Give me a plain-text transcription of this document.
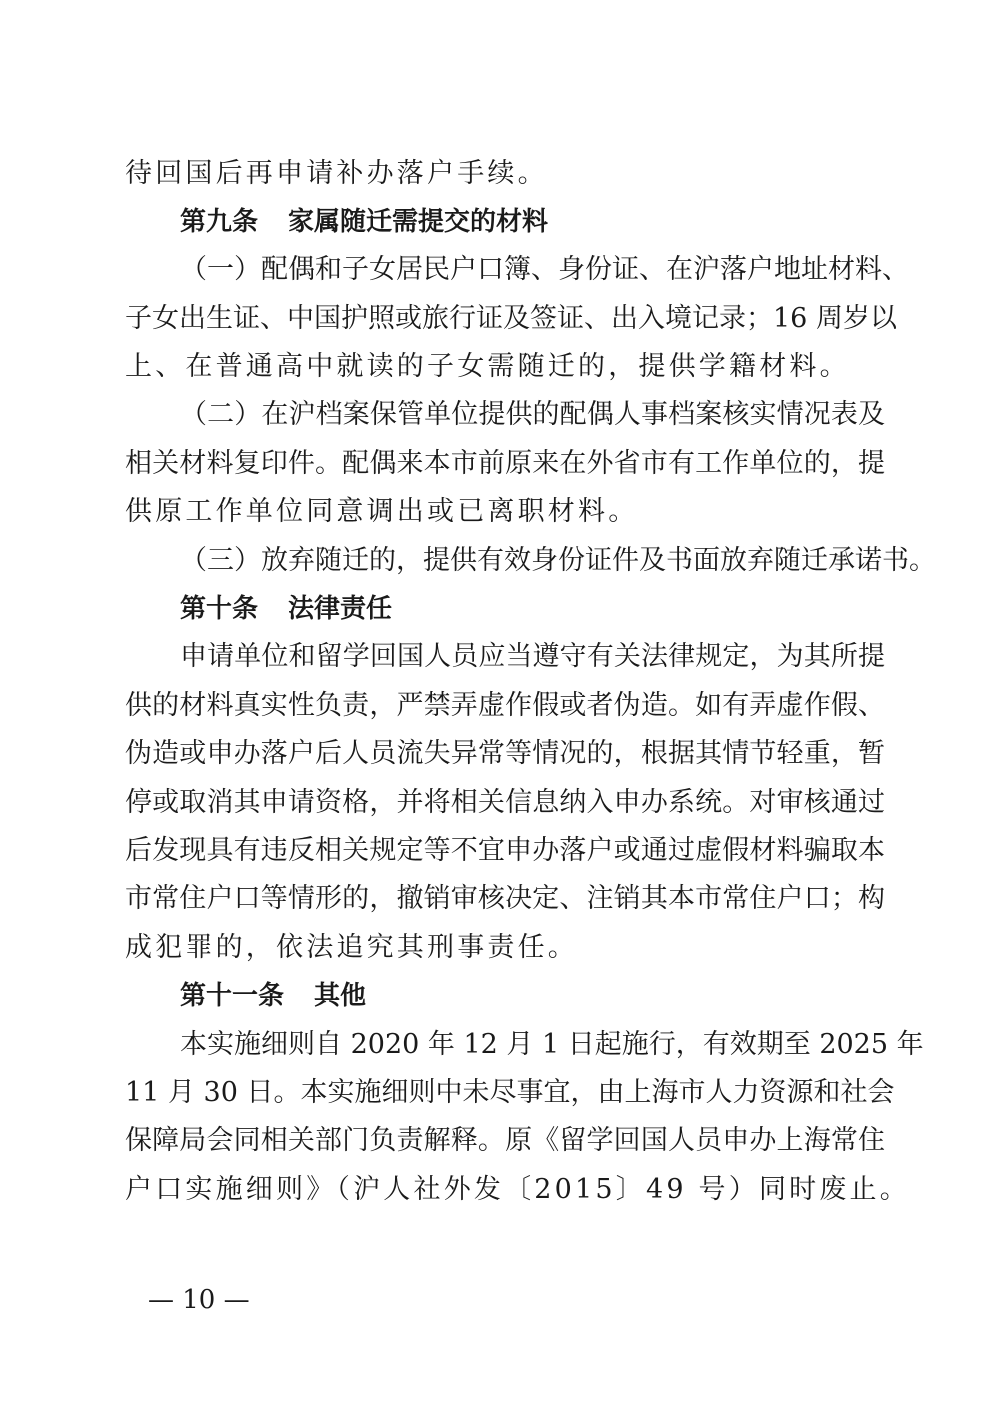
待回国后再申请补办落户手续。
第九条 家属随迁需提交的材料
（一）配偶和子女居民户口簿、身份证、在沪落户地址材料、
子女出生证、中国护照或旅行证及签证、出入境记录；16 周岁以
上、在普通高中就读的子女需随迁的，提供学籍材料。
（二）在沪档案保管单位提供的配偶人事档案核实情况表及
相关材料复印件。配偶来本市前原来在外省市有工作单位的，提
供原工作单位同意调出或已离职材料。
（三）放弃随迁的，提供有效身份证件及书面放弃随迁承诺书。
第十条 法律责任
申请单位和留学回国人员应当遵守有关法律规定，为其所提
供的材料真实性负责，严禁弄虚作假或者伪造。如有弄虚作假、
伪造或申办落户后人员流失异常等情况的，根据其情节轻重，暂
停或取消其申请资格，并将相关信息纳入申办系统。对审核通过
后发现具有违反相关规定等不宜申办落户或通过虚假材料骗取本
市常住户口等情形的，撤销审核决定、注销其本市常住户口；构
成犯罪的，依法追究其刑事责任。
第十一条 其他
本实施细则自 2020 年 12 月 1 日起施行，有效期至 2025 年
11 月 30 日。本实施细则中未尽事宜，由上海市人力资源和社会
保障局会同相关部门负责解释。原《留学回国人员申办上海常住
户口实施细则》（沪人社外发〔2015〕49 号）同时废止。
— 10 —
